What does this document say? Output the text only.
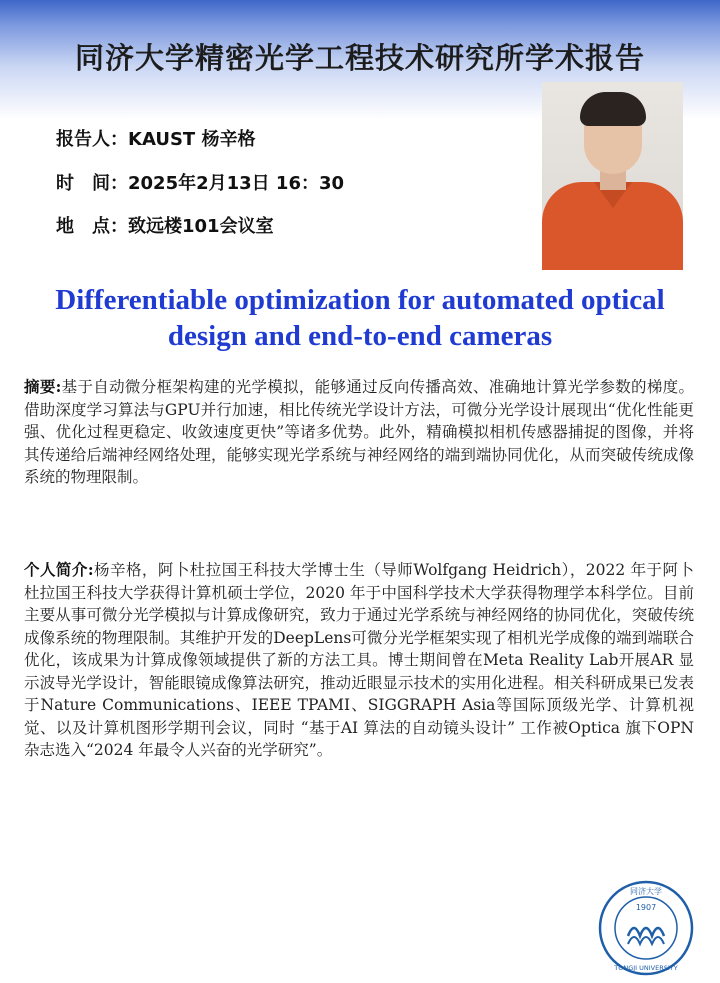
同济大学精密光学工程技术研究所学术报告
报告人：KAUST 杨辛格
时　间：2025年2月13日 16：30
地　点：致远楼101会议室
Differentiable optimization for automated optical design and end-to-end cameras
摘要:基于自动微分框架构建的光学模拟，能够通过反向传播高效、准确地计算光学参数的梯度。借助深度学习算法与GPU并行加速，相比传统光学设计方法，可微分光学设计展现出“优化性能更强、优化过程更稳定、收敛速度更快”等诸多优势。此外，精确模拟相机传感器捕捉的图像，并将其传递给后端神经网络处理，能够实现光学系统与神经网络的端到端协同优化，从而突破传统成像系统的物理限制。
个人简介:杨辛格，阿卜杜拉国王科技大学博士生（导师Wolfgang Heidrich），2022 年于阿卜杜拉国王科技大学获得计算机硕士学位，2020 年于中国科学技术大学获得物理学本科学位。目前主要从事可微分光学模拟与计算成像研究，致力于通过光学系统与神经网络的协同优化，突破传统成像系统的物理限制。其维护开发的DeepLens可微分光学框架实现了相机光学成像的端到端联合优化，该成果为计算成像领域提供了新的方法工具。博士期间曾在Meta Reality Lab开展AR 显示波导光学设计，智能眼镜成像算法研究，推动近眼显示技术的实用化进程。相关科研成果已发表于Nature Communications、IEEE TPAMI、SIGGRAPH Asia等国际顶级光学、计算机视觉、以及计算机图形学期刊会议，同时 “基于AI 算法的自动镜头设计” 工作被Optica 旗下OPN 杂志选入“2024 年最令人兴奋的光学研究”。
1907
同济大学
TONGJI UNIVERSITY
